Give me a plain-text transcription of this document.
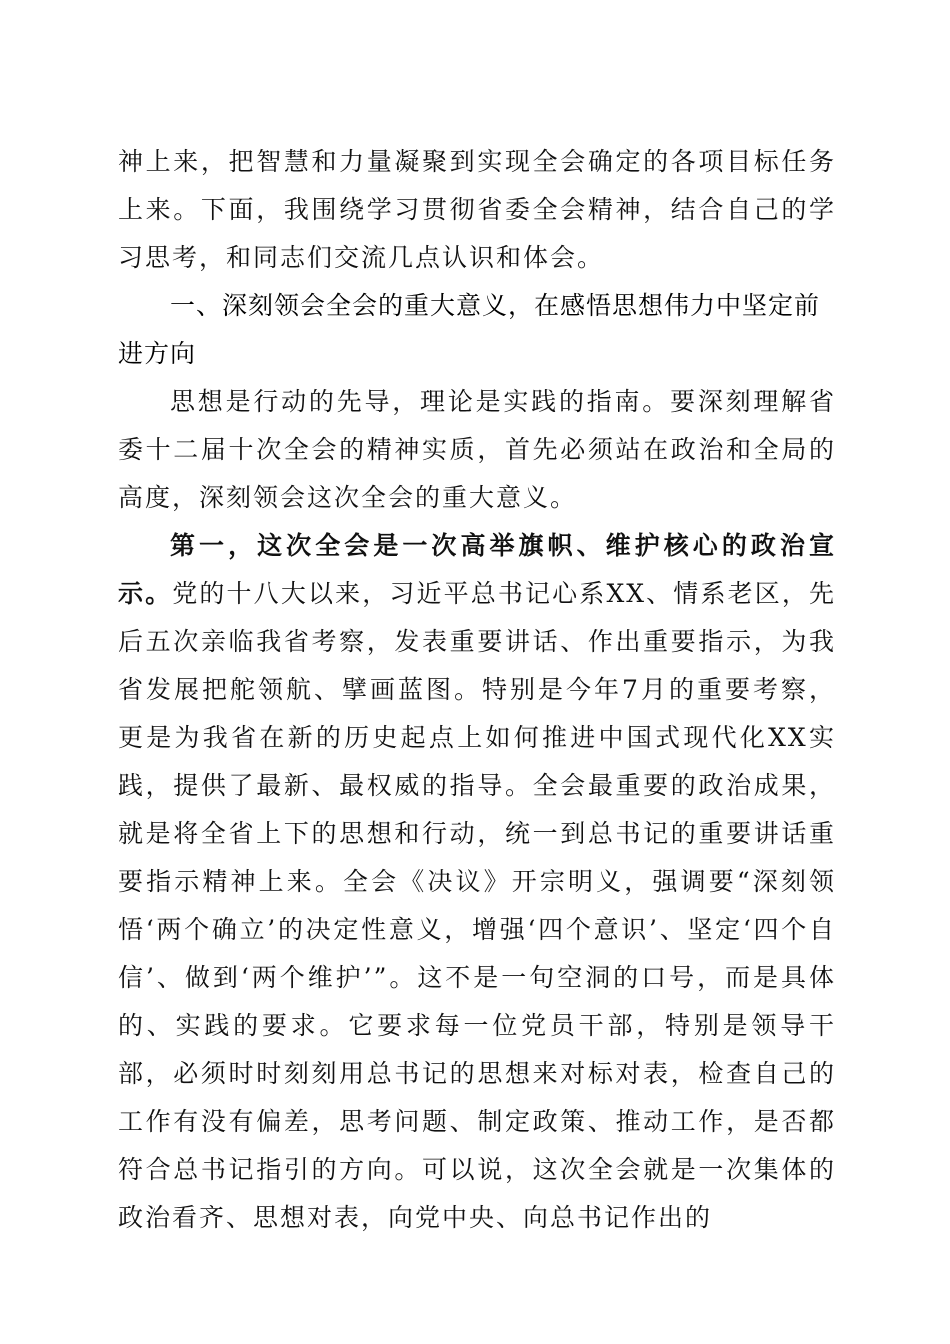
神上来，把智慧和力量凝聚到实现全会确定的各项目标任务上来。下面，我围绕学习贯彻省委全会精神，结合自己的学习思考，和同志们交流几点认识和体会。

一、深刻领会全会的重大意义，在感悟思想伟力中坚定前进方向

思想是行动的先导，理论是实践的指南。要深刻理解省委十二届十次全会的精神实质，首先必须站在政治和全局的高度，深刻领会这次全会的重大意义。

第一，这次全会是一次高举旗帜、维护核心的政治宣示。党的十八大以来，习近平总书记心系XX、情系老区，先后五次亲临我省考察，发表重要讲话、作出重要指示，为我省发展把舵领航、擘画蓝图。特别是今年7月的重要考察，更是为我省在新的历史起点上如何推进中国式现代化XX实践，提供了最新、最权威的指导。全会最重要的政治成果，就是将全省上下的思想和行动，统一到总书记的重要讲话重要指示精神上来。全会《决议》开宗明义，强调要“深刻领悟‘两个确立’的决定性意义，增强‘四个意识’、坚定‘四个自信’、做到‘两个维护’”。这不是一句空洞的口号，而是具体的、实践的要求。它要求每一位党员干部，特别是领导干部，必须时时刻刻用总书记的思想来对标对表，检查自己的工作有没有偏差，思考问题、制定政策、推动工作，是否都符合总书记指引的方向。可以说，这次全会就是一次集体的政治看齐、思想对表，向党中央、向总书记作出的
